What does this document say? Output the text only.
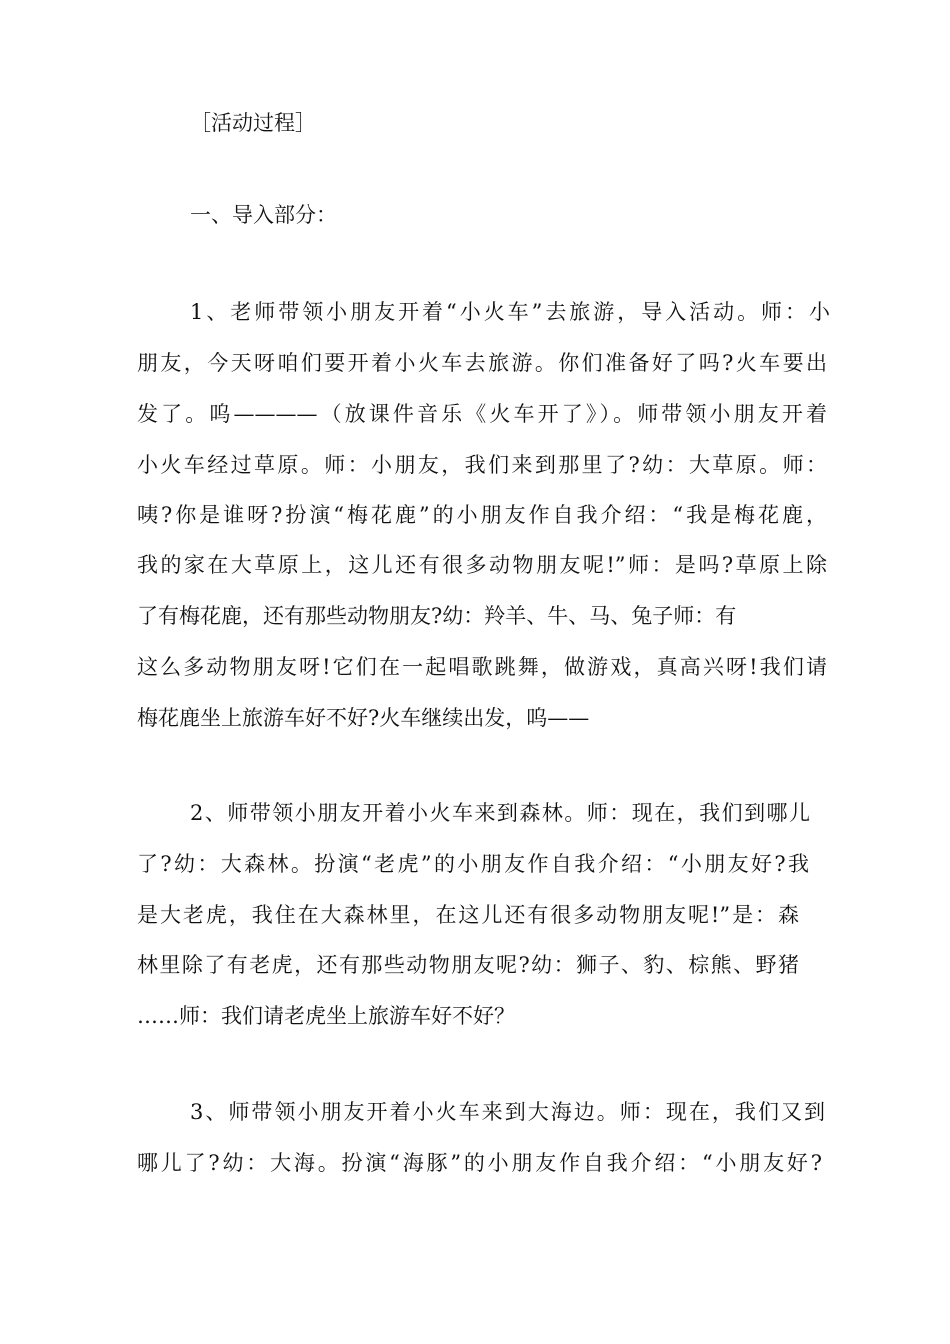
［活动过程］
一、导入部分：
1、老师带领小朋友开着“小火车”去旅游，导入活动。师：小
朋友，今天呀咱们要开着小火车去旅游。你们准备好了吗?火车要出
发了。呜————（放课件音乐《火车开了》）。师带领小朋友开着
小火车经过草原。师：小朋友，我们来到那里了?幼：大草原。师：
咦?你是谁呀?扮演“梅花鹿”的小朋友作自我介绍：“我是梅花鹿，
我的家在大草原上，这儿还有很多动物朋友呢!”师：是吗?草原上除
了有梅花鹿，还有那些动物朋友?幼：羚羊、牛、马、兔子师：有
这么多动物朋友呀!它们在一起唱歌跳舞，做游戏，真高兴呀!我们请
梅花鹿坐上旅游车好不好?火车继续出发，呜——
2、师带领小朋友开着小火车来到森林。师：现在，我们到哪儿
了?幼：大森林。扮演“老虎”的小朋友作自我介绍：“小朋友好?我
是大老虎，我住在大森林里，在这儿还有很多动物朋友呢!”是：森
林里除了有老虎，还有那些动物朋友呢?幼：狮子、豹、棕熊、野猪
……师：我们请老虎坐上旅游车好不好？
3、师带领小朋友开着小火车来到大海边。师：现在，我们又到
哪儿了?幼：大海。扮演“海豚”的小朋友作自我介绍：“小朋友好?
